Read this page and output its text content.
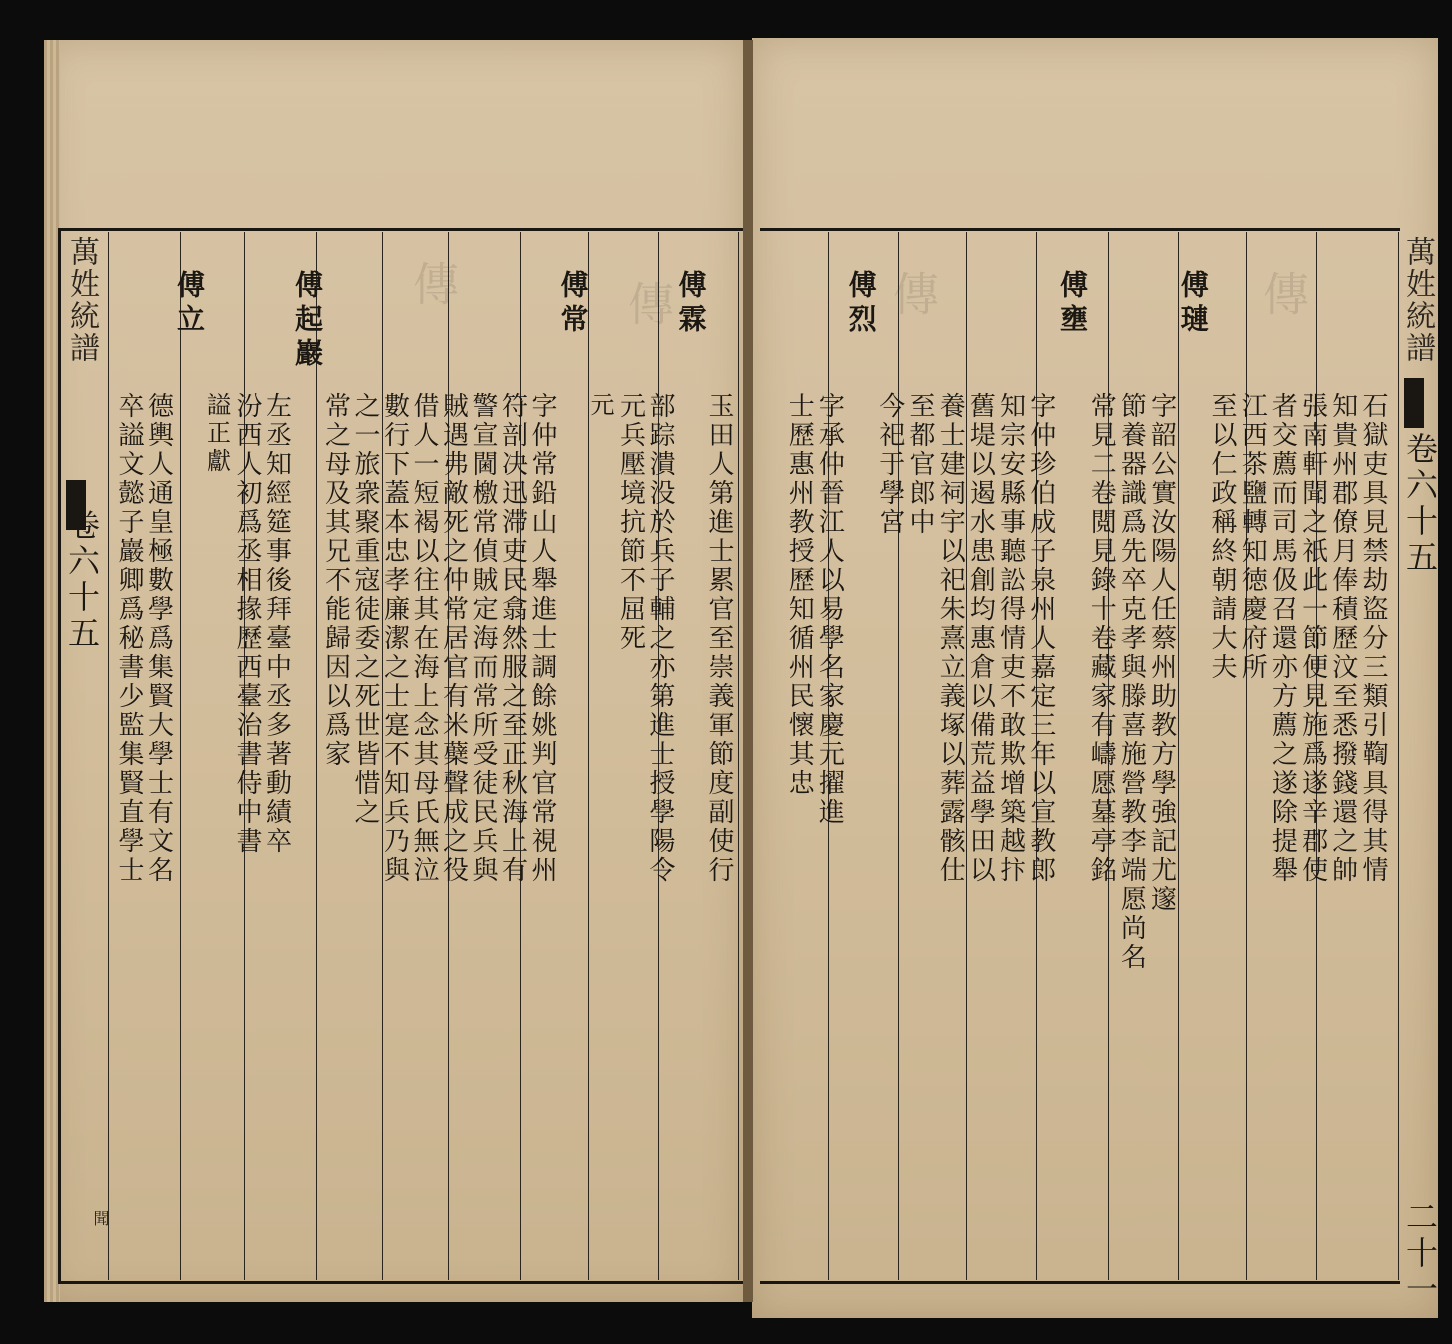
傳
傳
傳	傳	萬姓統譜
卷六十五
二十一
石獄吏具見禁劫盜分三類引鞫具得其情
知貴州郡僚月俸積歷汶至悉撥錢還之帥
張南軒聞之祇此一節便見施爲遂辛郡使
者交薦而司馬伋召還亦方薦之遂除提舉
江西茶鹽轉知徳慶府所
至以仁政稱終朝請大夫
傅璉
字韶公實汝陽人任蔡州助教方學強記尤邃
節養器識爲先卒克孝與滕喜施營教李端愿尚名
常見二卷閲見錄十卷藏家有嶹愿墓亭銘
傅壅
字仲珍伯成子泉州人嘉定三年以宣教郎
知宗安縣事聽訟得情吏不敢欺增築越抃
舊堤以遏水患創均惠倉以備荒益學田以
養士建祠宇以祀朱熹立義塚以葬露骸仕
至都官郎中
今祀于學宮
傅烈
字承仲晉江人以易學名家慶元擢進
士歷惠州教授歷知循州民懷其忠
萬姓統譜
卷六十五
聞
玉田人第進士累官至崇義軍節度副使行
傅霖
部踪潰没於兵子輔之亦第進士授學陽令
元兵壓境抗節不屈死
元
傅常
字仲常鉛山人舉進士調餘姚判官常視州
符剖决迅滞吏民翕然服之至正秋海上有
警宣閫檄常偵賊定海而常所受徒民兵與
賊遇弗敵死之仲常居官有米蘗聲成之役
借人一短褐以往其在海上念其母氏無泣
數行下蓋本忠孝廉潔之士寔不知兵乃與
之一旅衆聚重寇徒委之死世皆惜之
常之母及其兄不能歸因以爲家
傅起巖
左丞知經筵事後拜臺中丞多著動績卒
汾西人初爲丞相掾歷西臺治書侍中書
謚正獻
傅立
德輿人通皇極數學爲集賢大學士有文名
卒謚文懿子巖卿爲秘書少監集賢直學士
